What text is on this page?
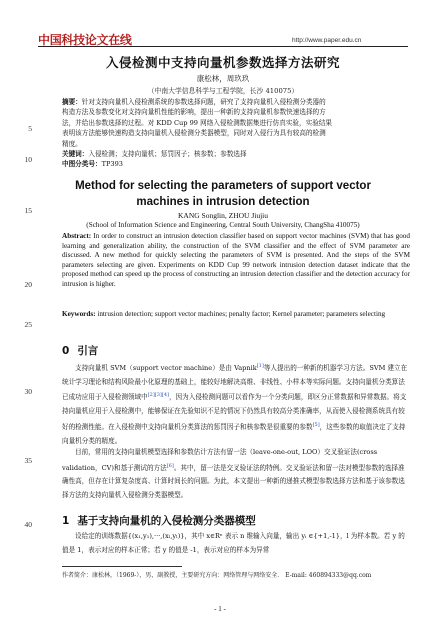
中国科技论文在线	http://www.paper.edu.cn
5
10
15
20
25
30
35
40
入侵检测中支持向量机参数选择方法研究
康松林，周玖玖
（中南大学信息科学与工程学院，长沙 410075）
摘要：针对支持向量机入侵检测系统的参数选择问题，研究了支持向量机入侵检测分类器的
构造方法及参数变化对支持向量机性能的影响，提出一种新的支持向量机参数快速选择的方
法，并给出参数选择的过程。对 KDD Cup 99 网络入侵检测数据集进行仿真实验，实验结果
表明该方法能够快速构造支持向量机入侵检测分类器模型，同时对入侵行为具有较高的检测
精度。
关键词：入侵检测；支持向量机；惩罚因子；核参数；参数选择
中图分类号：TP393
Method for selecting the parameters of support vector
machines in intrusion detection
KANG Songlin, ZHOU Jiujiu
(School of Information Science and Engineering, Central South University, ChangSha 410075)
Abstract: In order to construct an intrusion detection classifier based on support vector machines (SVM) that has good learning and generalization ability, the construction of the SVM classifier and the effect of SVM parameter are discussed. A new method for quickly selecting the parameters of SVM is presented. And the steps of the SVM parameters selecting are given. Experiments on KDD Cup 99 network intrusion detection dataset indicate that the proposed method can speed up the process of constructing an intrusion detection classifier and the detection accuracy for intrusion is higher.
Keywords: intrusion detection; support vector machines; penalty factor; Kernel parameter; parameters selecting
0 引言
支持向量机 SVM（support vector machine）是由 Vapnik[1]等人提出的一种新的机器学习方法。SVM 建立在统计学习理论和结构风险最小化原理的基础上，能较好地解决高维、非线性、小样本等实际问题。支持向量机分类算法已成功应用于入侵检测领域中[2][3][4]，因为入侵检测问题可以看作为一个分类问题，即区分正常数据和异常数据。将支持向量机应用于入侵检测中，能够保证在先验知识不足的情况下仍然具有较高分类准确率，从而使入侵检测系统具有较好的检测性能。在入侵检测中支持向量机分类算法的惩罚因子和核参数是很重要的参数[5]，这些参数的取值决定了支持向量机分类的精度。
目前，常用的支持向量机模型选择和参数估计方法有留一法（leave-one-out, LOO）交叉验证法(cross validation，CV)和基于测试的方法[6]。其中，留一法是交叉验证法的特例。交叉验证法和留一法对模型参数的选择准确性高，但存在计算复杂度高、计算时间长的问题。为此，本文提出一种新的递推式模型参数选择方法和基于该参数选择方法的支持向量机入侵检测分类器模型。
1 基于支持向量机的入侵检测分类器模型
设给定的训练数据{(x₁,y₁),···,(xₗ,yₗ)}，其中 x∈Rⁿ 表示 n 维输入向量，输出 yᵢ ∈{+1,-1}，l 为样本数。若 y 的值是 1，表示对应的样本正常；若 y 的值是 -1，表示对应的样本为异常
作者简介：康松林，（1969-），男，副教授，主要研究方向：网络管理与网络安全． E-mail: 460894333@qq.com
- 1 -
